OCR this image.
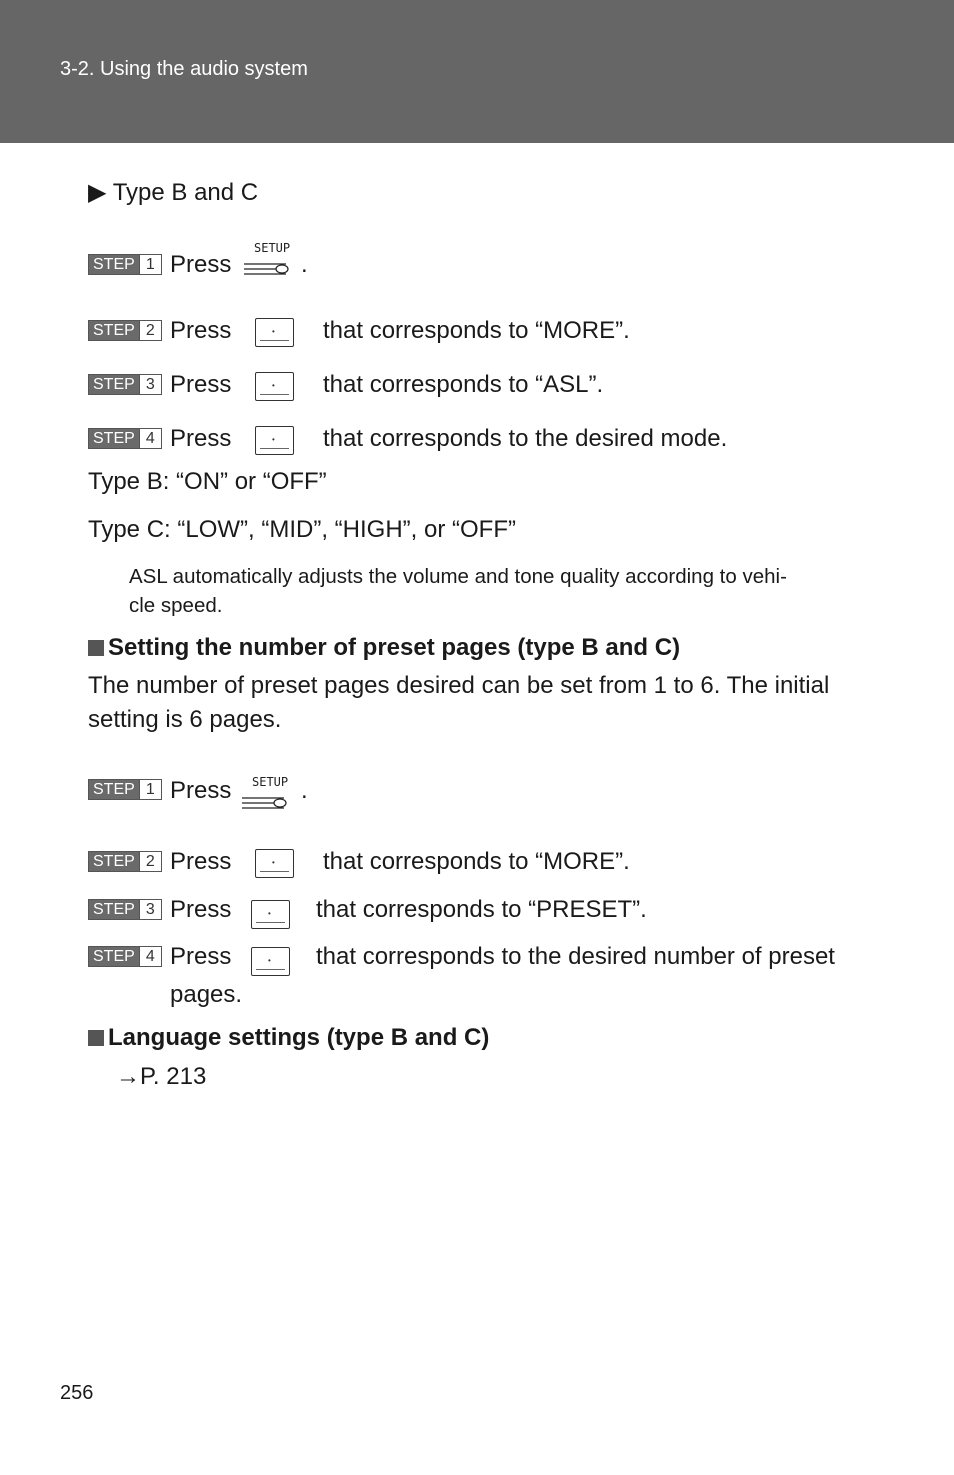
3-2. Using the audio system
▶ Type B and C
STEP 1 Press
SETUP
.
STEP 2 Press	• that corresponds to “MORE”.
STEP 3 Press	• that corresponds to “ASL”.
STEP 4 Press	• that corresponds to the desired mode.
Type B: “ON” or “OFF”
Type C: “LOW”, “MID”, “HIGH”, or “OFF”
ASL automatically adjusts the volume and tone quality according to vehi-
cle speed.
Setting the number of preset pages (type B and C)
The number of preset pages desired can be set from 1 to 6. The initial
setting is 6 pages.
STEP 1 Press SETUP .
STEP 2 Press	• that corresponds to “MORE”.
STEP 3 Press	• that corresponds to “PRESET”.
STEP 4 Press	• that corresponds to the desired number of preset
pages.
Language settings (type B and C)
→P. 213
256
